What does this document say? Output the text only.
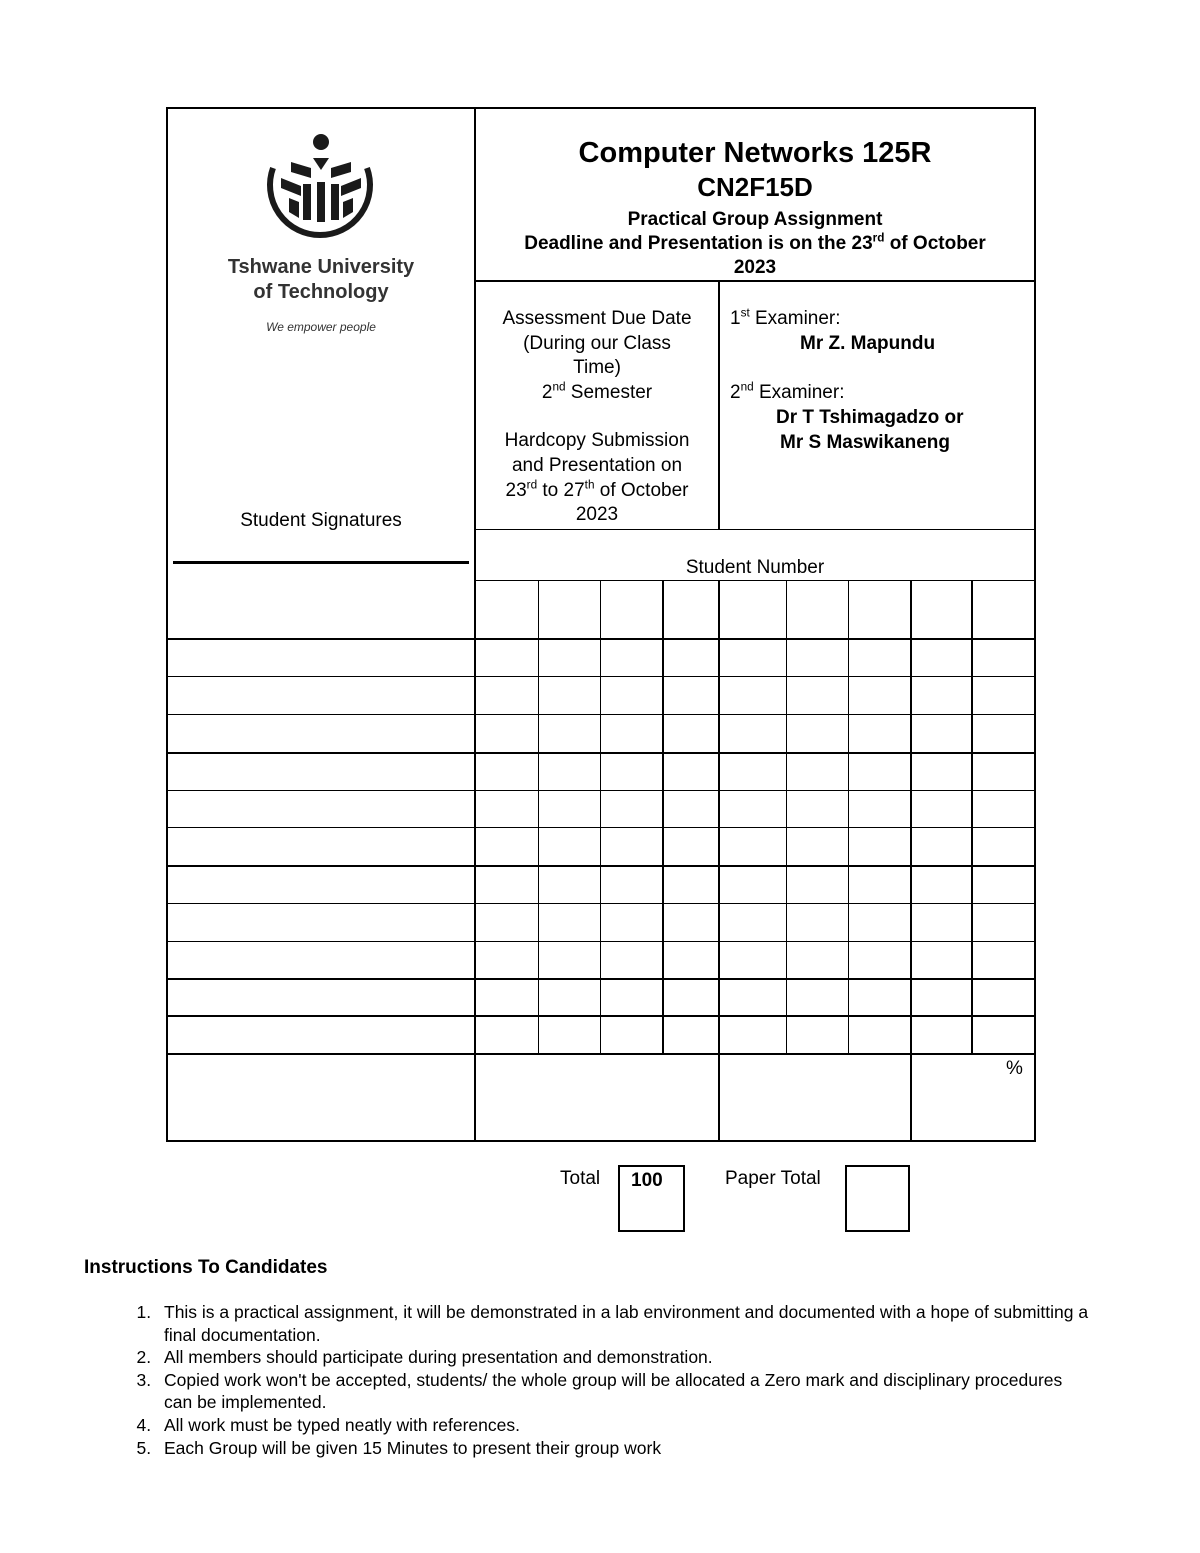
Tshwane University
of Technology
We empower people
Computer Networks 125R
CN2F15D
Practical Group Assignment
Deadline and Presentation is on the 23rd of October
2023
Assessment Due Date
(During our Class
Time)
2nd Semester
Hardcopy Submission
and Presentation on
23rd to 27th of October
2023
1st Examiner:
Mr Z. Mapundu
2nd Examiner:
Dr T Tshimagadzo or
Mr S Maswikaneng
Student Signatures
Student Number
%
Total 100	Paper Total
Instructions To Candidates
1. This is a practical assignment, it will be demonstrated in a lab environment and documented with a hope of submitting a final documentation.
2. All members should participate during presentation and demonstration.
3. Copied work won't be accepted, students/ the whole group will be allocated a Zero mark and disciplinary procedures can be implemented.
4. All work must be typed neatly with references.
5. Each Group will be given 15 Minutes to present their group work
